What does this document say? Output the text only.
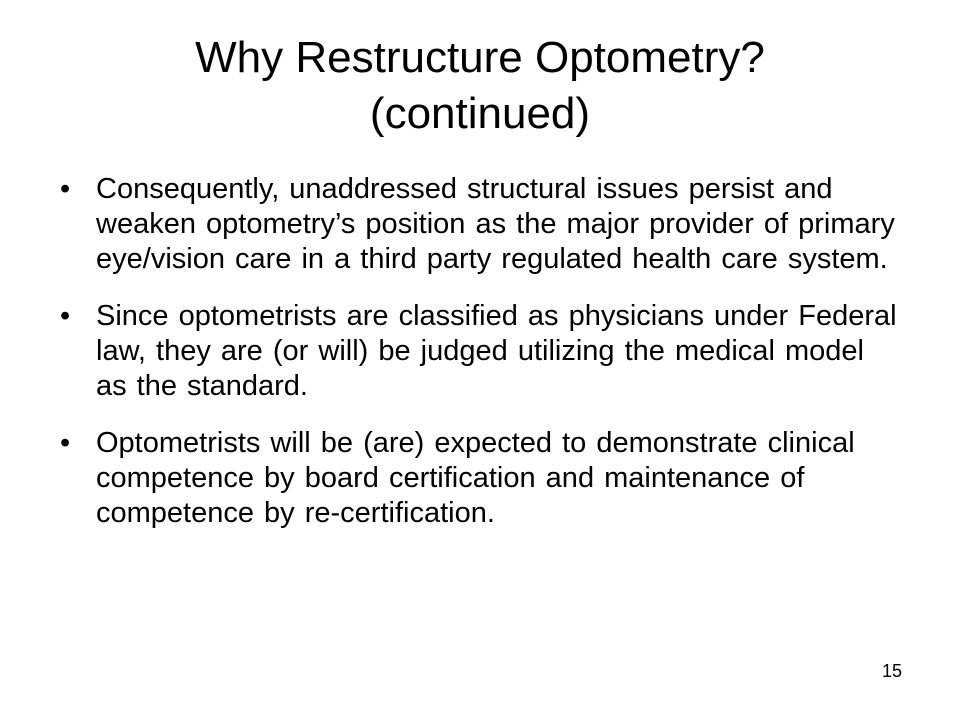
Why Restructure Optometry?
(continued)
• Consequently, unaddressed structural issues persist and weaken optometry’s position as the major provider of primary eye/vision care in a third party regulated health care system.
• Since optometrists are classified as physicians under Federal law, they are (or will) be judged utilizing the medical model as the standard.
• Optometrists will be (are) expected to demonstrate clinical competence by board certification and maintenance of competence by re-certification.
15
